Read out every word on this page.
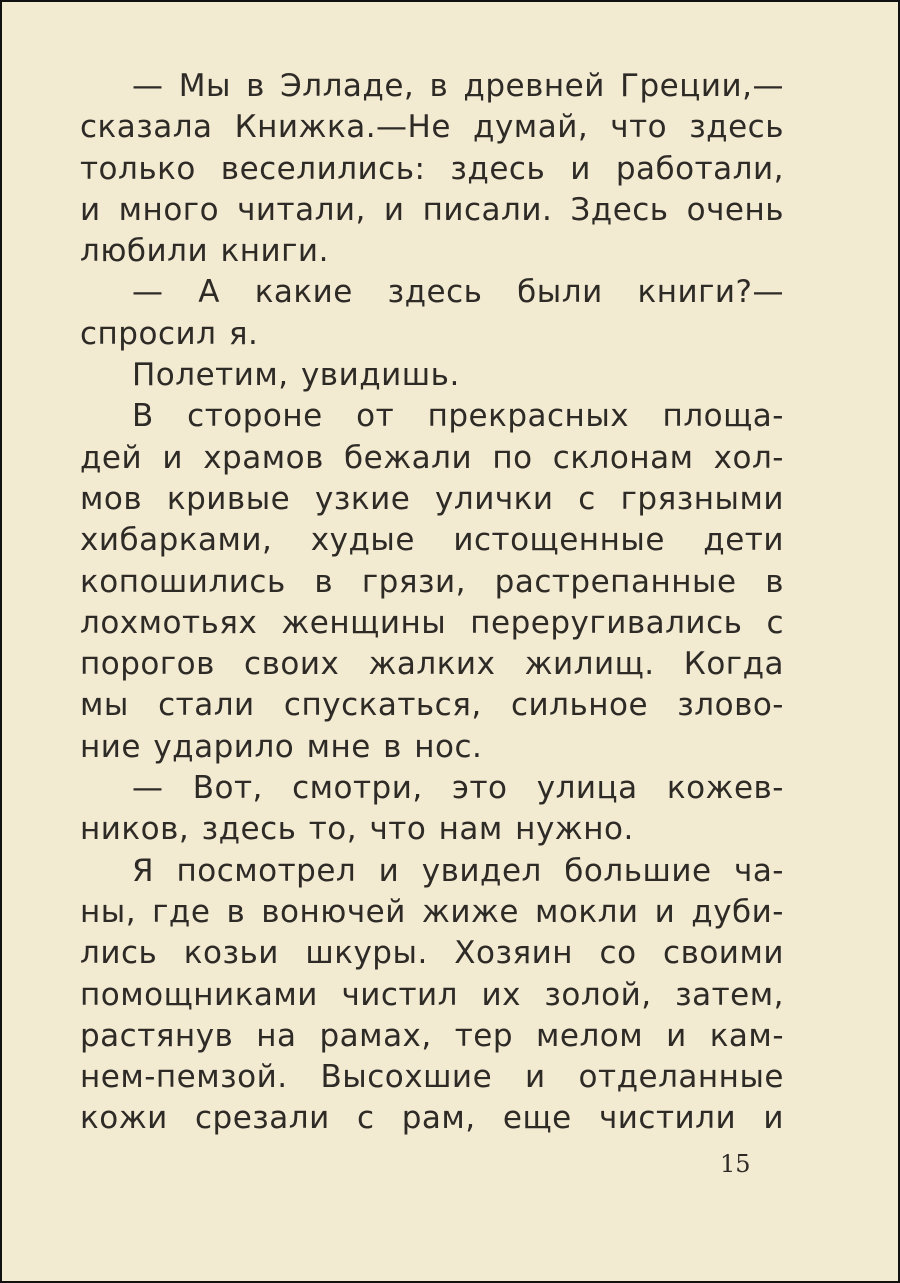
— Мы в Элладе, в древней Греции,—
сказала Книжка.—Не думай, что здесь
только веселились: здесь и работали,
и много читали, и писали. Здесь очень
любили книги.
— А какие здесь были книги?—
спросил я.
Полетим, увидишь.
В стороне от прекрасных площа-
дей и храмов бежали по склонам хол-
мов кривые узкие улички с грязными
хибарками, худые истощенные дети
копошились в грязи, растрепанные в
лохмотьях женщины переругивались с
порогов своих жалких жилищ. Когда
мы стали спускаться, сильное злово-
ние ударило мне в нос.
— Вот, смотри, это улица кожев-
ников, здесь то, что нам нужно.
Я посмотрел и увидел большие ча-
ны, где в вонючей жиже мокли и дуби-
лись козьи шкуры. Хозяин со своими
помощниками чистил их золой, затем,
растянув на рамах, тер мелом и кам-
нем-пемзой. Высохшие и отделанные
кожи срезали с рам, еще чистили и
15
